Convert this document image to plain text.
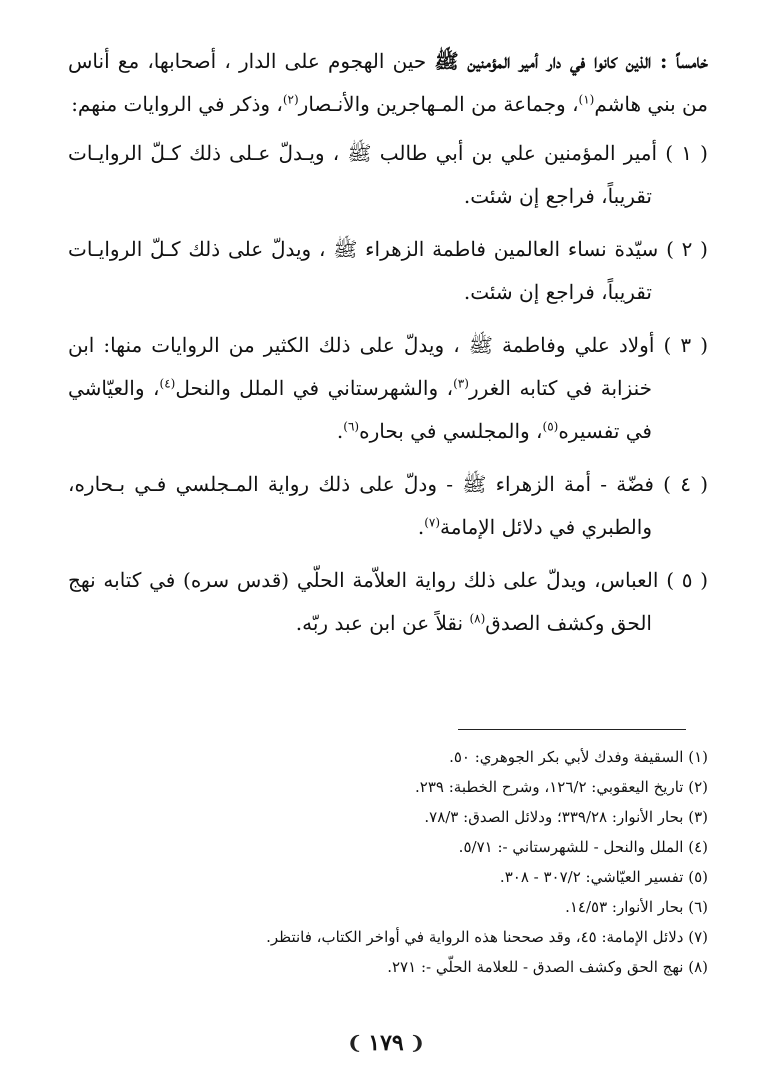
خامساً : الذين كانوا في دار أمير المؤمنين ﷺ حين الهجوم على الدار ، أصحابها، مع أناس من بني هاشم$^{(١)}$، وجماعة من المـهاجرين والأنـصار$^{(٢)}$، وذكر في الروايات منهم:

( ١ ) أمير المؤمنين علي بن أبي طالب ﷺ ، ويـدلّ عـلى ذلك كـلّ الروايـات تقريباً، فراجع إن شئت.

( ٢ ) سيّدة نساء العالمين فاطمة الزهراء ﷺ ، ويدلّ على ذلك كـلّ الروايـات تقريباً، فراجع إن شئت.

( ٣ ) أولاد علي وفاطمة ﷺ ، ويدلّ على ذلك الكثير من الروايات منها: ابن خنزابة في كتابه الغرر$^{(٣)}$، والشهرستاني في الملل والنحل$^{(٤)}$، والعيّاشي في تفسيره$^{(٥)}$، والمجلسي في بحاره$^{(٦)}$.

( ٤ ) فضّة - أمة الزهراء ﷺ - ودلّ على ذلك رواية المـجلسي فـي بـحاره، والطبري في دلائل الإمامة$^{(٧)}$.

( ٥ ) العباس، ويدلّ على ذلك رواية العلاّمة الحلّي (قدس سره) في كتابه نهج الحق وكشف الصدق$^{(٨)}$ نقلاً عن ابن عبد ربّه.

(١) السقيفة وفدك لأبي بكر الجوهري: ٥٠.
(٢) تاريخ اليعقوبي: ١٢٦/٢، وشرح الخطبة: ٢٣٩.
(٣) بحار الأنوار: ٣٣٩/٢٨؛ ودلائل الصدق: ٧٨/٣.
(٤) الملل والنحل - للشهرستاني -: ٥/٧١.
(٥) تفسير العيّاشي: ٣٠٧/٢ - ٣٠٨.
(٦) بحار الأنوار: ١٤/٥٣.
(٧) دلائل الإمامة: ٤٥، وقد صححنا هذه الرواية في أواخر الكتاب، فانتظر.
(٨) نهج الحق وكشف الصدق - للعلامة الحلّي -: ٢٧١.
❨١٧٩❩
